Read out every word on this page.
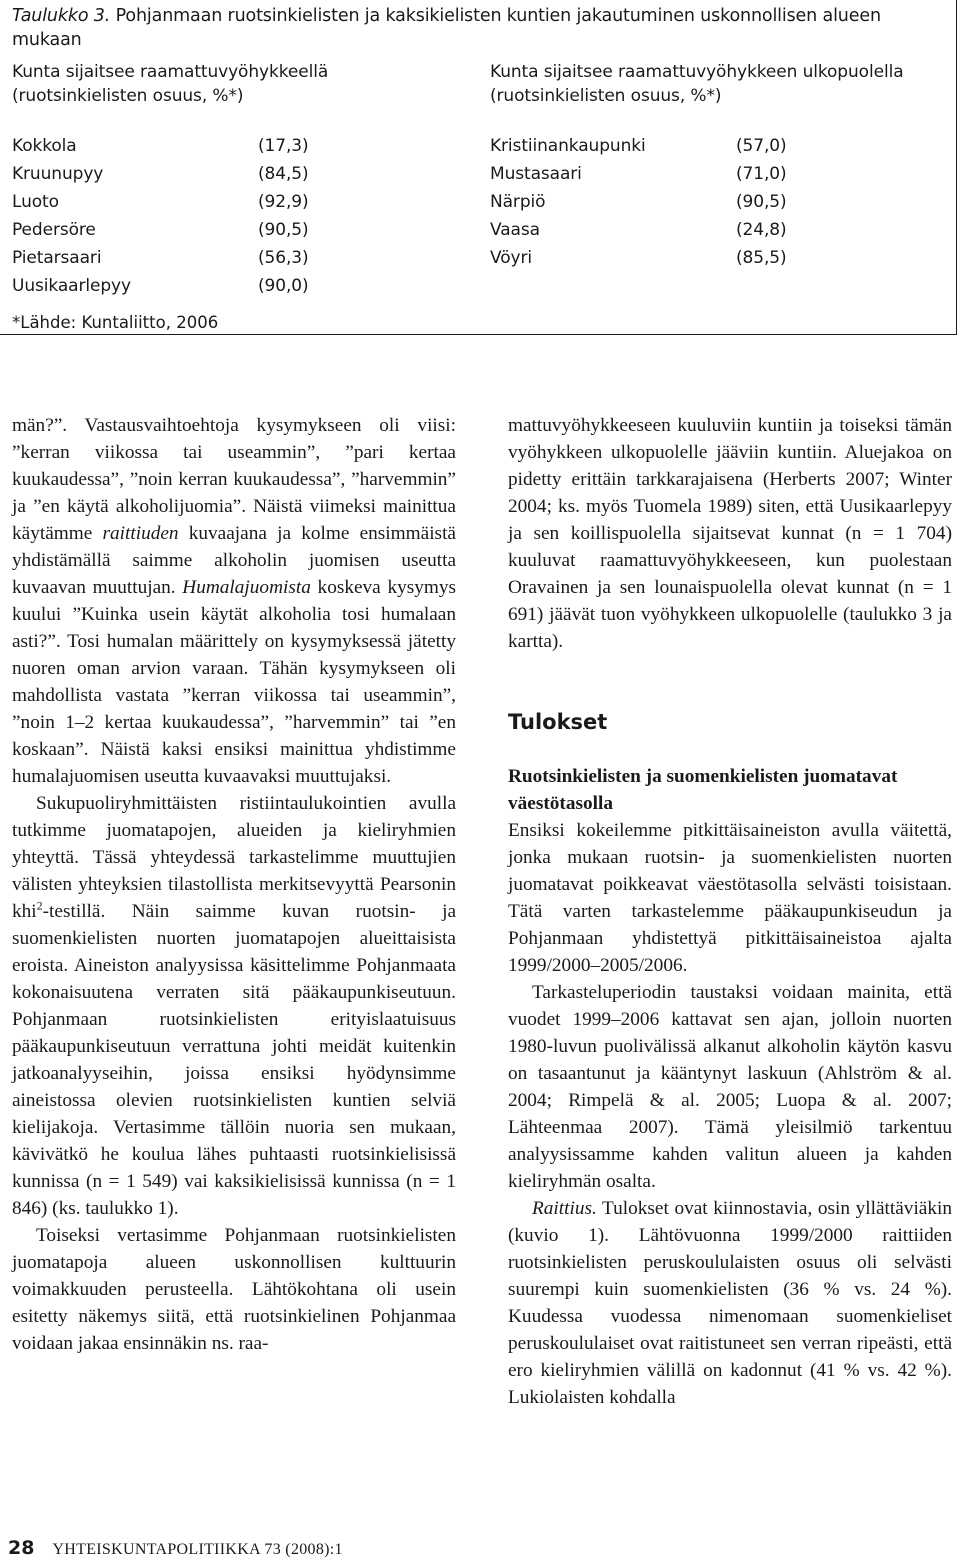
Taulukko 3. Pohjanmaan ruotsinkielisten ja kaksikielisten kuntien jakautuminen uskonnollisen alueen mukaan
Kunta sijaitsee raamattuvyöhykkeellä
(ruotsinkielisten osuus, %*)
Kunta sijaitsee raamattuvyöhykkeen ulkopuolella
(ruotsinkielisten osuus, %*)
Kokkola	(17,3)
Kruunupyy	(84,5)
Luoto	(92,9)
Pedersöre	(90,5)
Pietarsaari	(56,3)
Uusikaarlepyy	(90,0)
Kristiinankaupunki	(57,0)
Mustasaari	(71,0)
Närpiö	(90,5)
Vaasa	(24,8)
Vöyri	(85,5)
*Lähde: Kuntaliitto, 2006

män?”. Vastausvaihtoehtoja kysymykseen oli viisi: ”kerran viikossa tai useammin”, ”pari kertaa kuukaudessa”, ”noin kerran kuukaudessa”, ”harvemmin” ja ”en käytä alkoholijuomia”. Näistä viimeksi mainittua käytämme raittiuden kuvaajana ja kolme ensimmäistä yhdistämällä saimme alkoholin juomisen useutta kuvaavan muuttujan. Humalajuomista koskeva kysymys kuului ”Kuinka usein käytät alkoholia tosi humalaan asti?”. Tosi humalan määrittely on kysymyksessä jätetty nuoren oman arvion varaan. Tähän kysymykseen oli mahdollista vastata ”kerran viikossa tai useammin”, ”noin 1–2 kertaa kuukaudessa”, ”harvemmin” tai ”en koskaan”. Näistä kaksi ensiksi mainittua yhdistimme humalajuomisen useutta kuvaavaksi muuttujaksi.

Sukupuoliryhmittäisten ristiintaulukointien avulla tutkimme juomatapojen, alueiden ja kieliryhmien yhteyttä. Tässä yhteydessä tarkastelimme muuttujien välisten yhteyksien tilastollista merkitsevyyttä Pearsonin khi$^2$-testillä. Näin saimme kuvan ruotsin- ja suomenkielisten nuorten juomatapojen alueittaisista eroista. Aineiston analyysissa käsittelimme Pohjanmaata kokonaisuutena verraten sitä pääkaupunkiseutuun. Pohjanmaan ruotsinkielisten erityislaatuisuus pääkaupunkiseutuun verrattuna johti meidät kuitenkin jatkoanalyyseihin, joissa ensiksi hyödynsimme aineistossa olevien ruotsinkielisten kuntien selviä kielijakoja. Vertasimme tällöin nuoria sen mukaan, kävivätkö he koulua lähes puhtaasti ruotsinkielisissä kunnissa (n = 1 549) vai kaksikielisissä kunnissa (n = 1 846) (ks. taulukko 1).

Toiseksi vertasimme Pohjanmaan ruotsinkielisten juomatapoja alueen uskonnollisen kulttuurin voimakkuuden perusteella. Lähtökohtana oli usein esitetty näkemys siitä, että ruotsinkielinen Pohjanmaa voidaan jakaa ensinnäkin ns. raa-

mattuvyöhykkeeseen kuuluviin kuntiin ja toiseksi tämän vyöhykkeen ulkopuolelle jääviin kuntiin. Aluejakoa on pidetty erittäin tarkkarajaisena (Herberts 2007; Winter 2004; ks. myös Tuomela 1989) siten, että Uusikaarlepyy ja sen koillispuolella sijaitsevat kunnat (n = 1 704) kuuluvat raamattuvyöhykkeeseen, kun puolestaan Oravainen ja sen lounaispuolella olevat kunnat (n = 1 691) jäävät tuon vyöhykkeen ulkopuolelle (taulukko 3 ja kartta).

Tulokset
Ruotsinkielisten ja suomenkielisten juomatavat väestötasolla

Ensiksi kokeilemme pitkittäisaineiston avulla väitettä, jonka mukaan ruotsin- ja suomenkielisten nuorten juomatavat poikkeavat väestötasolla selvästi toisistaan. Tätä varten tarkastelemme pääkaupunkiseudun ja Pohjanmaan yhdistettyä pitkittäisaineistoa ajalta 1999/2000–2005/2006.

Tarkasteluperiodin taustaksi voidaan mainita, että vuodet 1999–2006 kattavat sen ajan, jolloin nuorten 1980-luvun puolivälissä alkanut alkoholin käytön kasvu on tasaantunut ja kääntynyt laskuun (Ahlström & al. 2004; Rimpelä & al. 2005; Luopa & al. 2007; Lähteenmaa 2007). Tämä yleisilmiö tarkentuu analyysissamme kahden valitun alueen ja kahden kieliryhmän osalta.

Raittius. Tulokset ovat kiinnostavia, osin yllättäviäkin (kuvio 1). Lähtövuonna 1999/2000 raittiiden ruotsinkielisten peruskoululaisten osuus oli selvästi suurempi kuin suomenkielisten (36 % vs. 24 %). Kuudessa vuodessa nimenomaan suomenkieliset peruskoululaiset ovat raitistuneet sen verran ripeästi, että ero kieliryhmien välillä on kadonnut (41 % vs. 42 %). Lukiolaisten kohdalla

28 YHTEISKUNTAPOLITIIKKA 73 (2008):1
